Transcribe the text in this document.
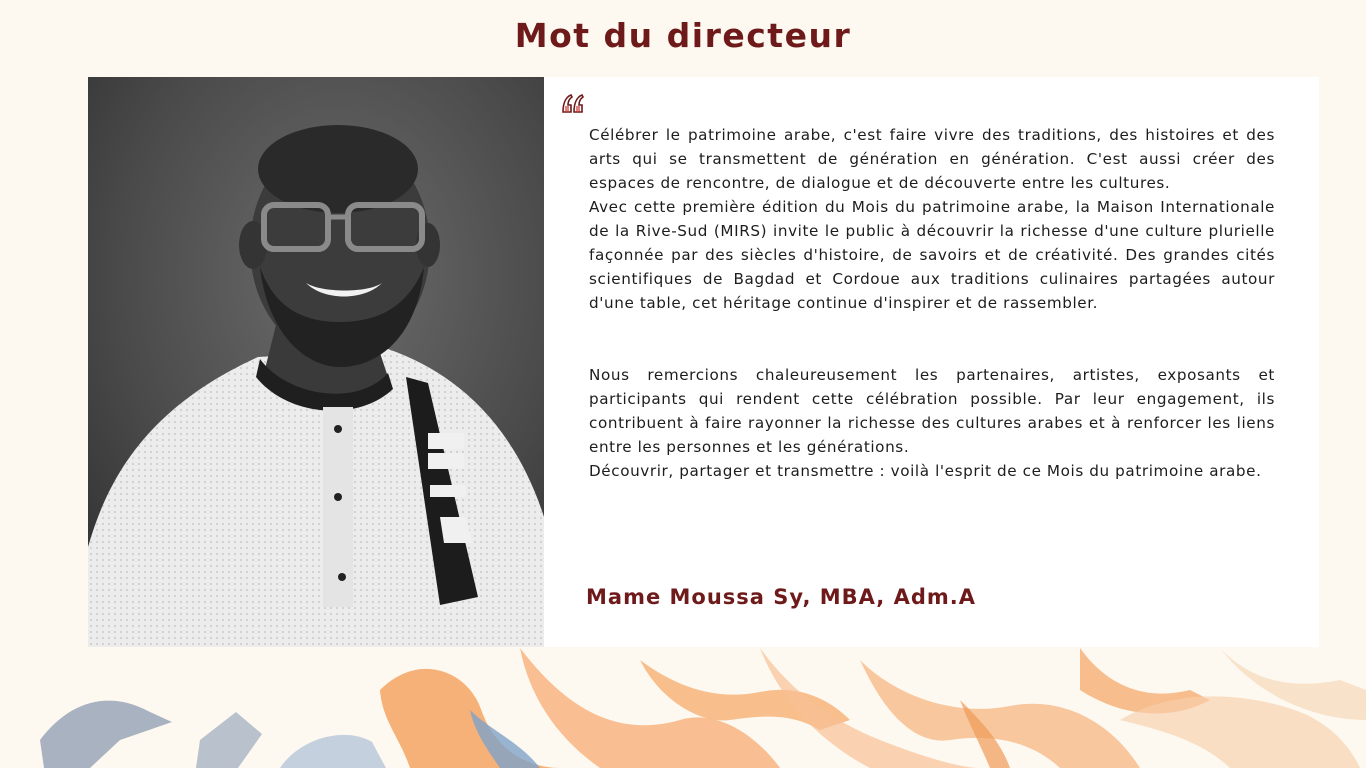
Mot du directeur

Célébrer le patrimoine arabe, c'est faire vivre des traditions, des histoires et des arts qui se transmettent de génération en génération. C'est aussi créer des espaces de rencontre, de dialogue et de découverte entre les cultures.

Avec cette première édition du Mois du patrimoine arabe, la Maison Internationale de la Rive-Sud (MIRS) invite le public à découvrir la richesse d'une culture plurielle façonnée par des siècles d'histoire, de savoirs et de créativité. Des grandes cités scientifiques de Bagdad et Cordoue aux traditions culinaires partagées autour d'une table, cet héritage continue d'inspirer et de rassembler.

Nous remercions chaleureusement les partenaires, artistes, exposants et participants qui rendent cette célébration possible. Par leur engagement, ils contribuent à faire rayonner la richesse des cultures arabes et à renforcer les liens entre les personnes et les générations.

Découvrir, partager et transmettre : voilà l'esprit de ce Mois du patrimoine arabe.

Mame Moussa Sy, MBA, Adm.A
